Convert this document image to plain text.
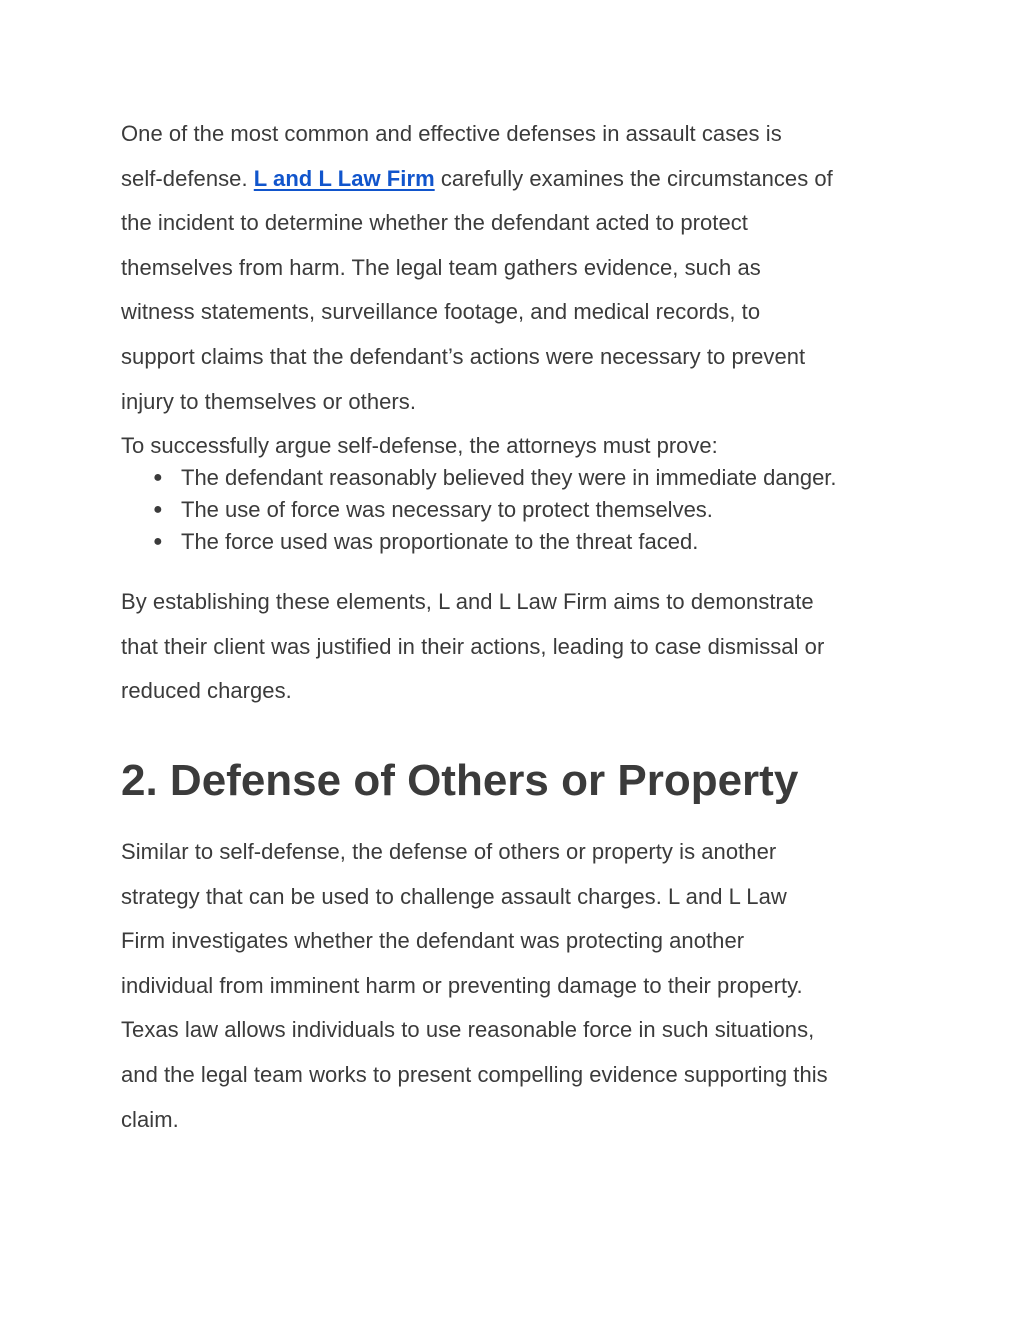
One of the most common and effective defenses in assault cases is
self-defense. L and L Law Firm carefully examines the circumstances of
the incident to determine whether the defendant acted to protect
themselves from harm. The legal team gathers evidence, such as
witness statements, surveillance footage, and medical records, to
support claims that the defendant’s actions were necessary to prevent
injury to themselves or others.

To successfully argue self-defense, the attorneys must prove:

● The defendant reasonably believed they were in immediate danger.
● The use of force was necessary to protect themselves.
● The force used was proportionate to the threat faced.

By establishing these elements, L and L Law Firm aims to demonstrate
that their client was justified in their actions, leading to case dismissal or
reduced charges.

2. Defense of Others or Property

Similar to self-defense, the defense of others or property is another
strategy that can be used to challenge assault charges. L and L Law
Firm investigates whether the defendant was protecting another
individual from imminent harm or preventing damage to their property.
Texas law allows individuals to use reasonable force in such situations,
and the legal team works to present compelling evidence supporting this
claim.
